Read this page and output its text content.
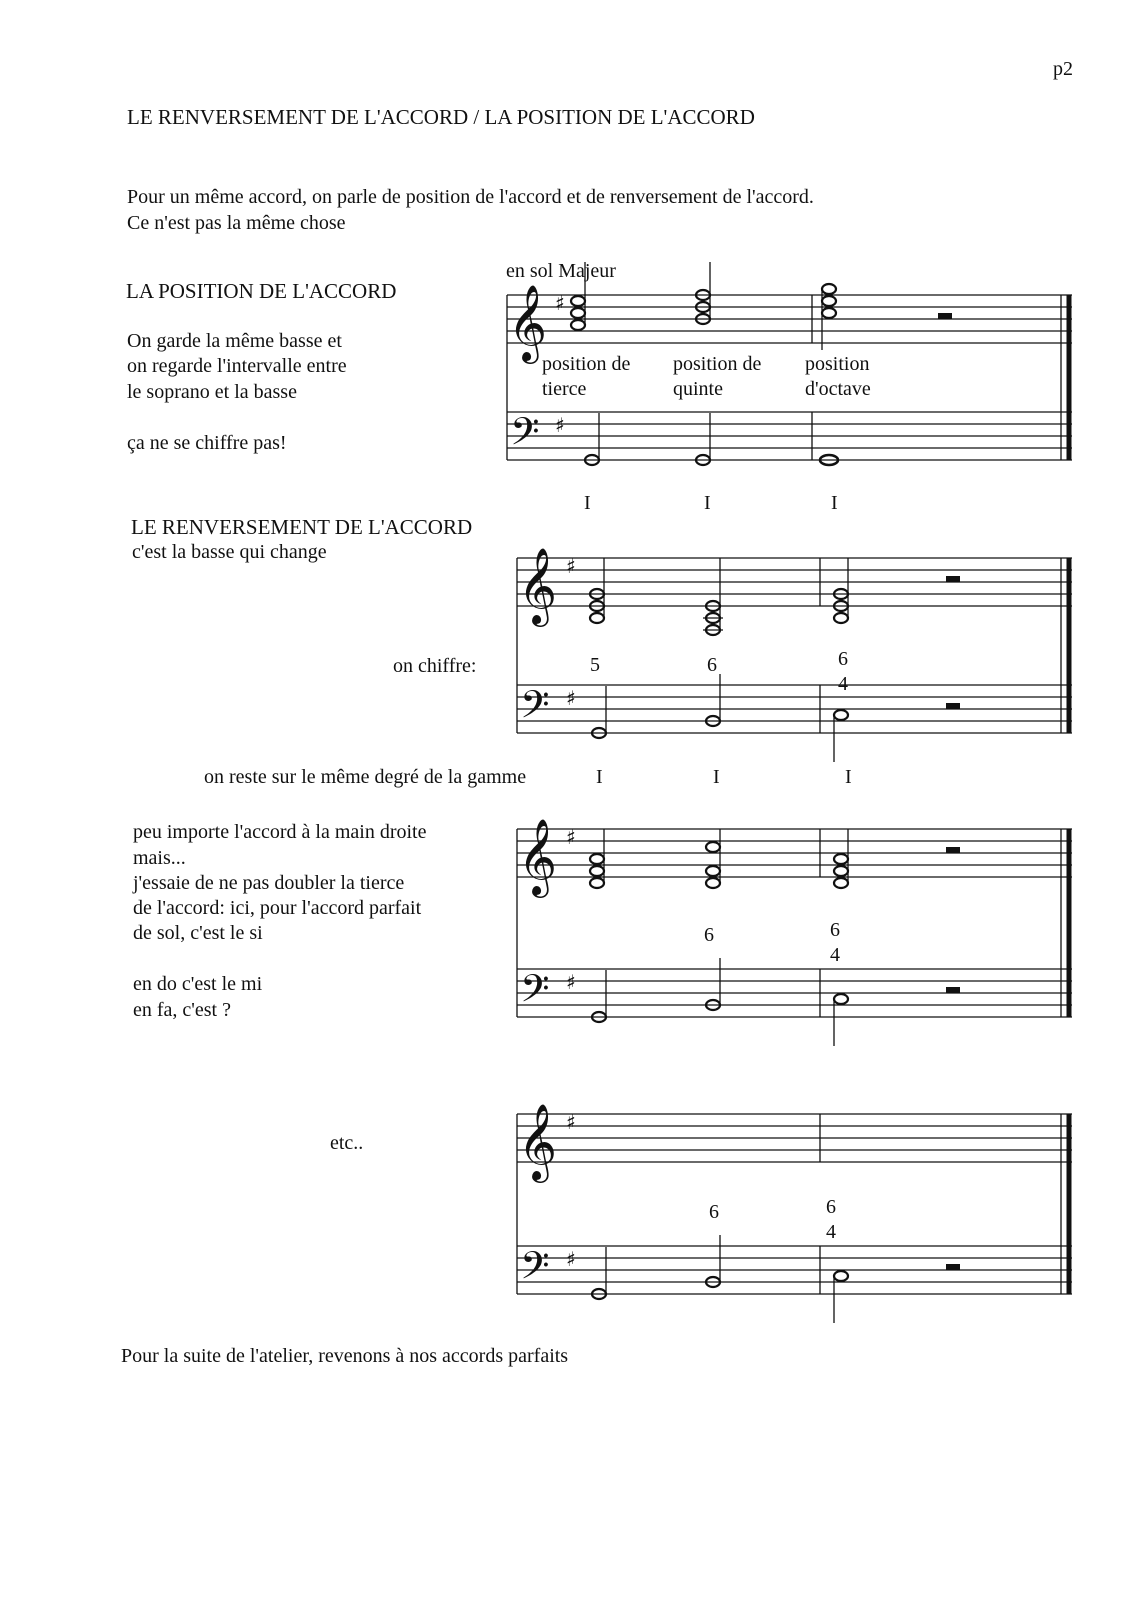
p2
LE RENVERSEMENT DE L'ACCORD / LA POSITION DE L'ACCORD
Pour un même accord, on parle de position de l'accord et de renversement de l'accord.
Ce n'est pas la même chose
LA POSITION DE L'ACCORD
On garde la même basse et
on regarde l'intervalle entre
le soprano et la basse
ça ne se chiffre pas!
en sol Majeur
position de
tierce
position de
quinte
position
d'octave
I	I	I
LE RENVERSEMENT DE L'ACCORD
c'est la basse qui change
on chiffre:	5	6	6
4
on reste sur le même degré de la gamme	I	I	I
peu importe l'accord à la main droite
mais...
j'essaie de ne pas doubler la tierce
de l'accord: ici, pour l'accord parfait
de sol, c'est le si
en do c'est le mi
en fa, c'est ?
6	6
4
etc..
6	6
4
Pour la suite de l'atelier, revenons à nos accords parfaits
𝄞
𝄢
♯
♯
𝄞
𝄢
♯
♯
𝄞
𝄢
♯
♯
𝄞
𝄢
♯
♯
